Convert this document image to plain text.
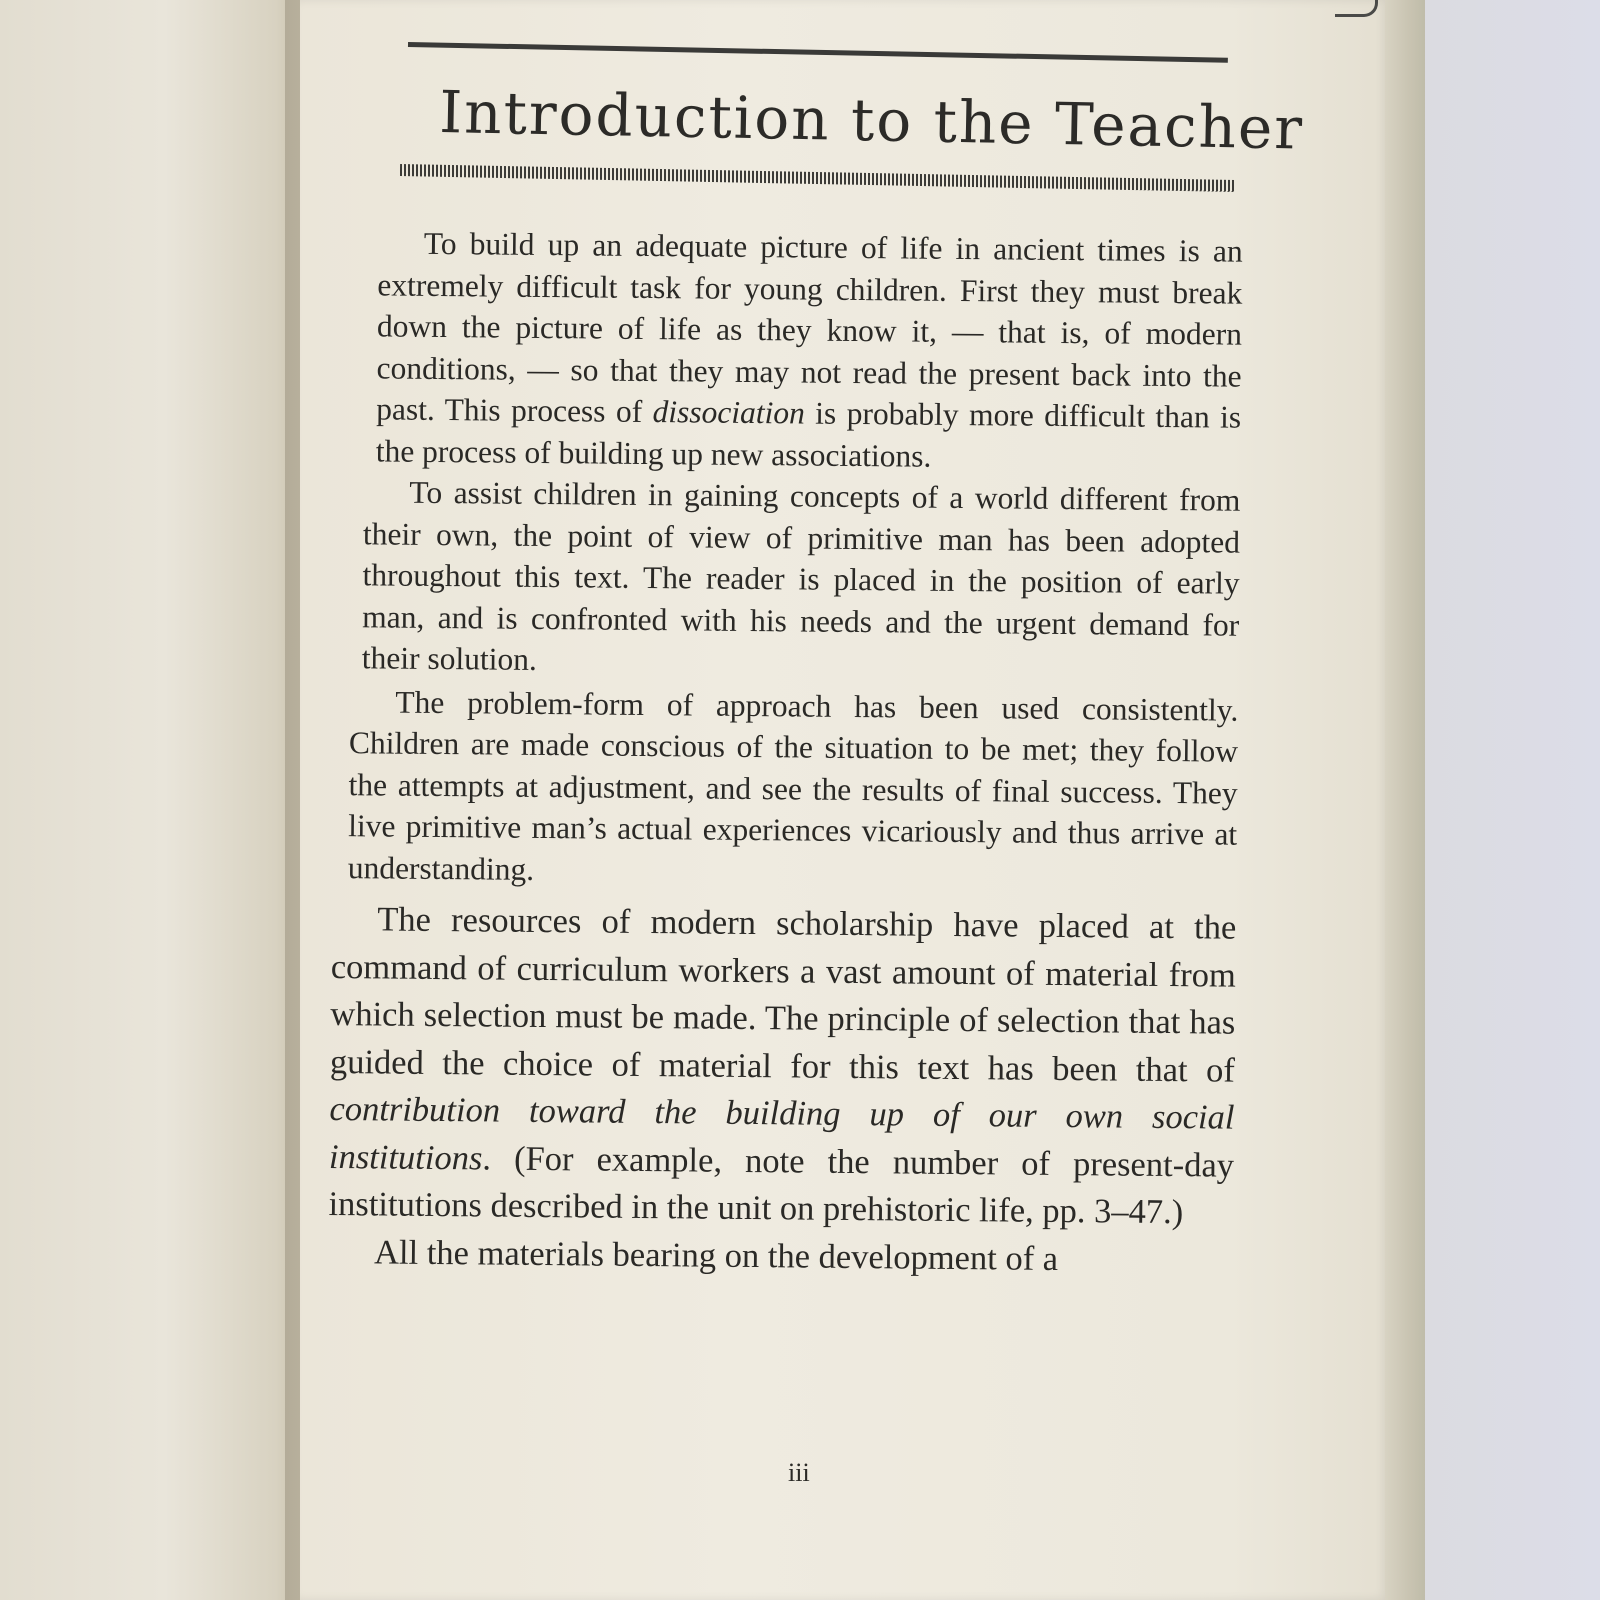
Introduction to the Teacher

To build up an adequate picture of life in ancient times is an extremely difficult task for young children. First they must break down the picture of life as they know it, — that is, of modern conditions, — so that they may not read the present back into the past. This process of dissociation is probably more difficult than is the process of building up new associations.

To assist children in gaining concepts of a world different from their own, the point of view of primitive man has been adopted throughout this text. The reader is placed in the position of early man, and is confronted with his needs and the urgent demand for their solution.

The problem-form of approach has been used consistently. Children are made conscious of the situation to be met; they follow the attempts at adjustment, and see the results of final success. They live primitive man’s actual experiences vicariously and thus arrive at understanding.

The resources of modern scholarship have placed at the command of curriculum workers a vast amount of material from which selection must be made. The principle of selection that has guided the choice of material for this text has been that of contribution toward the building up of our own social institutions. (For example, note the number of present-day institutions described in the unit on prehistoric life, pp. 3–47.)

All the materials bearing on the development of a

iii
